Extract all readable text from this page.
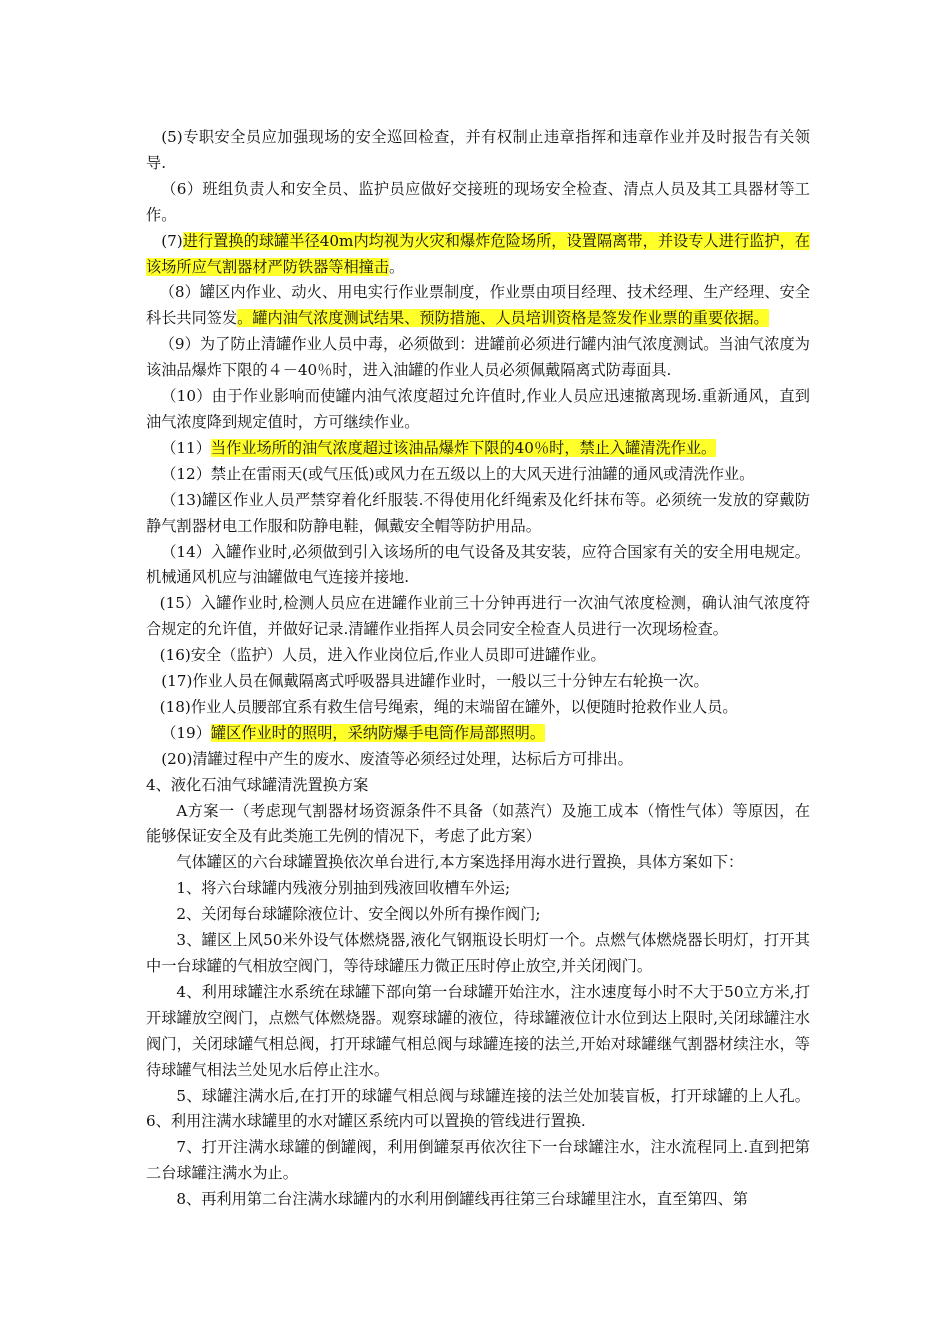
(5)专职安全员应加强现场的安全巡回检查，并有权制止违章指挥和违章作业并及时报告有关领导.

（6）班组负责人和安全员、监护员应做好交接班的现场安全检查、清点人员及其工具器材等工作。

(7)进行置换的球罐半径40m内均视为火灾和爆炸危险场所，设置隔离带，并设专人进行监护，在该场所应气割器材严防铁器等相撞击。

（8）罐区内作业、动火、用电实行作业票制度，作业票由项目经理、技术经理、生产经理、安全科长共同签发。罐内油气浓度测试结果、预防措施、人员培训资格是签发作业票的重要依据。

（9）为了防止清罐作业人员中毒，必须做到：进罐前必须进行罐内油气浓度测试。当油气浓度为该油品爆炸下限的４－40％时，进入油罐的作业人员必须佩戴隔离式防毒面具.

（10）由于作业影响而使罐内油气浓度超过允许值时,作业人员应迅速撤离现场.重新通风，直到油气浓度降到规定值时，方可继续作业。

（11）当作业场所的油气浓度超过该油品爆炸下限的40％时，禁止入罐清洗作业。

（12）禁止在雷雨天(或气压低)或风力在五级以上的大风天进行油罐的通风或清洗作业。

（13)罐区作业人员严禁穿着化纤服装.不得使用化纤绳索及化纤抹布等。必须统一发放的穿戴防静气割器材电工作服和防静电鞋，佩戴安全帽等防护用品。

（14）入罐作业时,必须做到引入该场所的电气设备及其安装，应符合国家有关的安全用电规定。机械通风机应与油罐做电气连接并接地.

(15）入罐作业时,检测人员应在进罐作业前三十分钟再进行一次油气浓度检测，确认油气浓度符合规定的允许值，并做好记录.清罐作业指挥人员会同安全检查人员进行一次现场检查。

(16)安全（监护）人员，进入作业岗位后,作业人员即可进罐作业。

(17)作业人员在佩戴隔离式呼吸器具进罐作业时，一般以三十分钟左右轮换一次。

(18)作业人员腰部宜系有救生信号绳索，绳的末端留在罐外，以便随时抢救作业人员。

（19）罐区作业时的照明，采纳防爆手电筒作局部照明。

(20)清罐过程中产生的废水、废渣等必须经过处理，达标后方可排出。

4、液化石油气球罐清洗置换方案

A方案一（考虑现气割器材场资源条件不具备（如蒸汽）及施工成本（惰性气体）等原因，在能够保证安全及有此类施工先例的情况下，考虑了此方案）

气体罐区的六台球罐置换依次单台进行,本方案选择用海水进行置换，具体方案如下：

1、将六台球罐内残液分别抽到残液回收槽车外运;

2、关闭每台球罐除液位计、安全阀以外所有操作阀门;

3、罐区上风50米外设气体燃烧器,液化气钢瓶设长明灯一个。点燃气体燃烧器长明灯，打开其中一台球罐的气相放空阀门，等待球罐压力微正压时停止放空,并关闭阀门。

4、利用球罐注水系统在球罐下部向第一台球罐开始注水，注水速度每小时不大于50立方米,打开球罐放空阀门，点燃气体燃烧器。观察球罐的液位，待球罐液位计水位到达上限时,关闭球罐注水阀门，关闭球罐气相总阀，打开球罐气相总阀与球罐连接的法兰,开始对球罐继气割器材续注水，等待球罐气相法兰处见水后停止注水。

5、球罐注满水后,在打开的球罐气相总阀与球罐连接的法兰处加装盲板，打开球罐的上人孔。6、利用注满水球罐里的水对罐区系统内可以置换的管线进行置换.

7、打开注满水球罐的倒罐阀，利用倒罐泵再依次往下一台球罐注水，注水流程同上.直到把第二台球罐注满水为止。

8、再利用第二台注满水球罐内的水利用倒罐线再往第三台球罐里注水，直至第四、第
